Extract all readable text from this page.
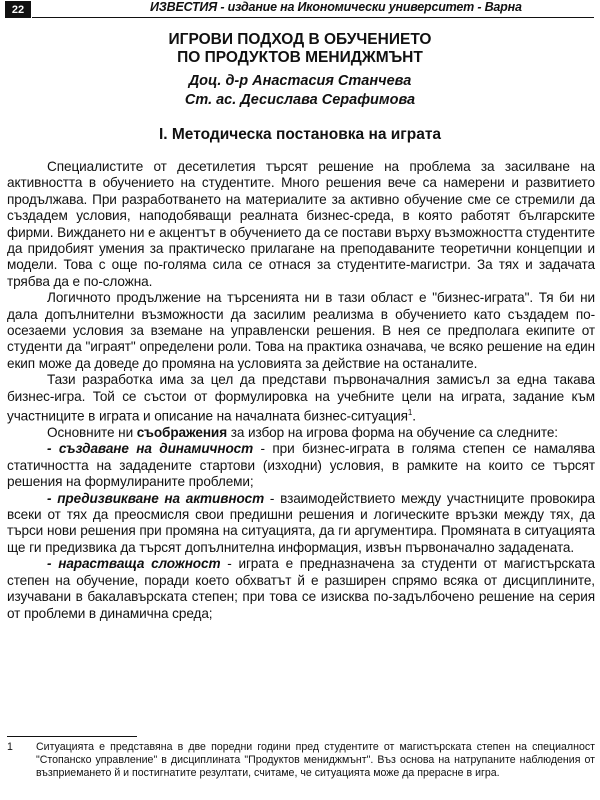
22	ИЗВЕСТИЯ - издание на Икономически университет - Варна
ИГРОВИ ПОДХОД В ОБУЧЕНИЕТО
ПО ПРОДУКТОВ МЕНИДЖМЪНТ
Доц. д-р Анастасия Станчева
Ст. ас. Десислава Серафимова
I. Методическа постановка на играта

Специалистите от десетилетия търсят решение на проблема за засилване на активността в обучението на студентите. Много решения вече са намерени и развитието продължава. При разработването на материалите за активно обучение сме се стремили да създадем условия, наподобяващи реалната бизнес-среда, в която работят българските фирми. Виждането ни е акцентът в обучението да се постави върху възможността студентите да придобият умения за практическо прилагане на преподаваните теоретични концепции и модели. Това с още по-голяма сила се отнася за студентите-магистри. За тях и задачата трябва да е по-сложна.

Логичното продължение на търсенията ни в тази област е "бизнес-играта". Тя би ни дала допълнителни възможности да засилим реализма в обучението като създадем по-осезаеми условия за вземане на управленски решения. В нея се предполага екипите от студенти да "играят" определени роли. Това на практика означава, че всяко решение на един екип може да доведе до промяна на условията за действие на останалите.

Тази разработка има за цел да представи първоначалния замисъл за една такава бизнес-игра. Той се състои от формулировка на учебните цели на играта, задание към участниците в играта и описание на началната бизнес-ситуация$^1$.

Основните ни съображения за избор на игрова форма на обучение са следните:

- създаване на динамичност - при бизнес-играта в голяма степен се намалява статичността на зададените стартови (изходни) условия, в рамките на които се търсят решения на формулираните проблеми;

- предизвикване на активност - взаимодействието между участниците провокира всеки от тях да преосмисля свои предишни решения и логическите връзки между тях, да търси нови решения при промяна на ситуацията, да ги аргументира. Промяната в ситуацията ще ги предизвика да търсят допълнителна информация, извън първоначално зададената.

- нарастваща сложност - играта е предназначена за студенти от магистърската степен на обучение, поради което обхватът й е разширен спрямо всяка от дисциплините, изучавани в бакалавърската степен; при това се изисква по-задълбочено решение на серия от проблеми в динамична среда;

1 Ситуацията е представяна в две поредни години пред студентите от магистърската степен на специалност "Стопанско управление" в дисциплината "Продуктов мениджмънт". Въз основа на натрупаните наблюдения от възприемането й и постигнатите резултати, считаме, че ситуацията може да прерасне в игра.
